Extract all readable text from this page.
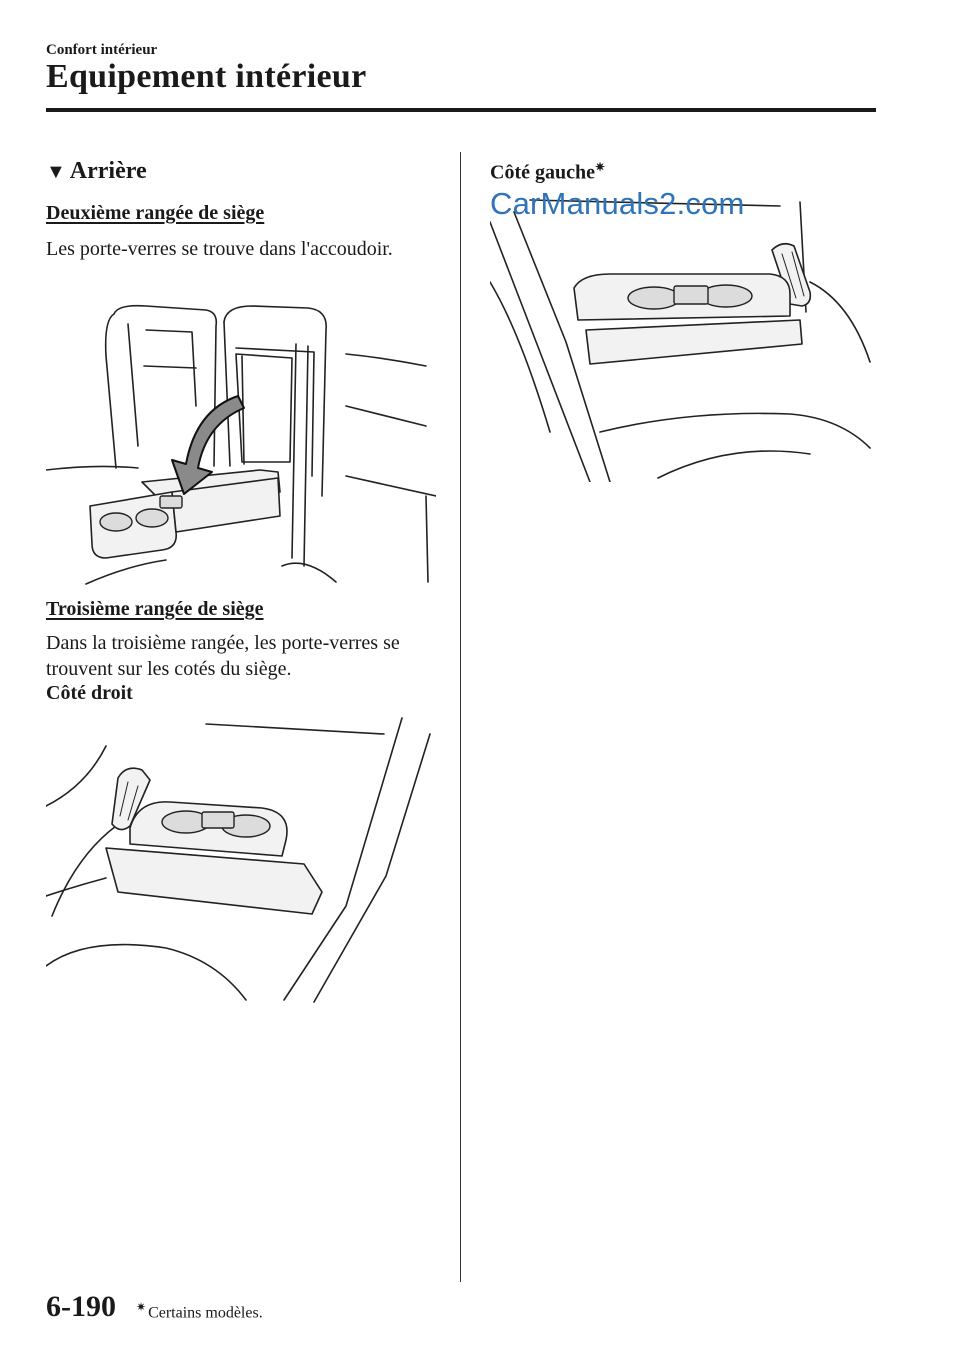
Confort intérieur
Equipement intérieur
▼ Arrière
Deuxième rangée de siège
Les porte-verres se trouve dans l'accoudoir.
Troisième rangée de siège
Dans la troisième rangée, les porte-verres se trouvent sur les cotés du siège.
Côté droit
Côté gauche✷
CarManuals2.com
6-190 ✷ Certains modèles.
